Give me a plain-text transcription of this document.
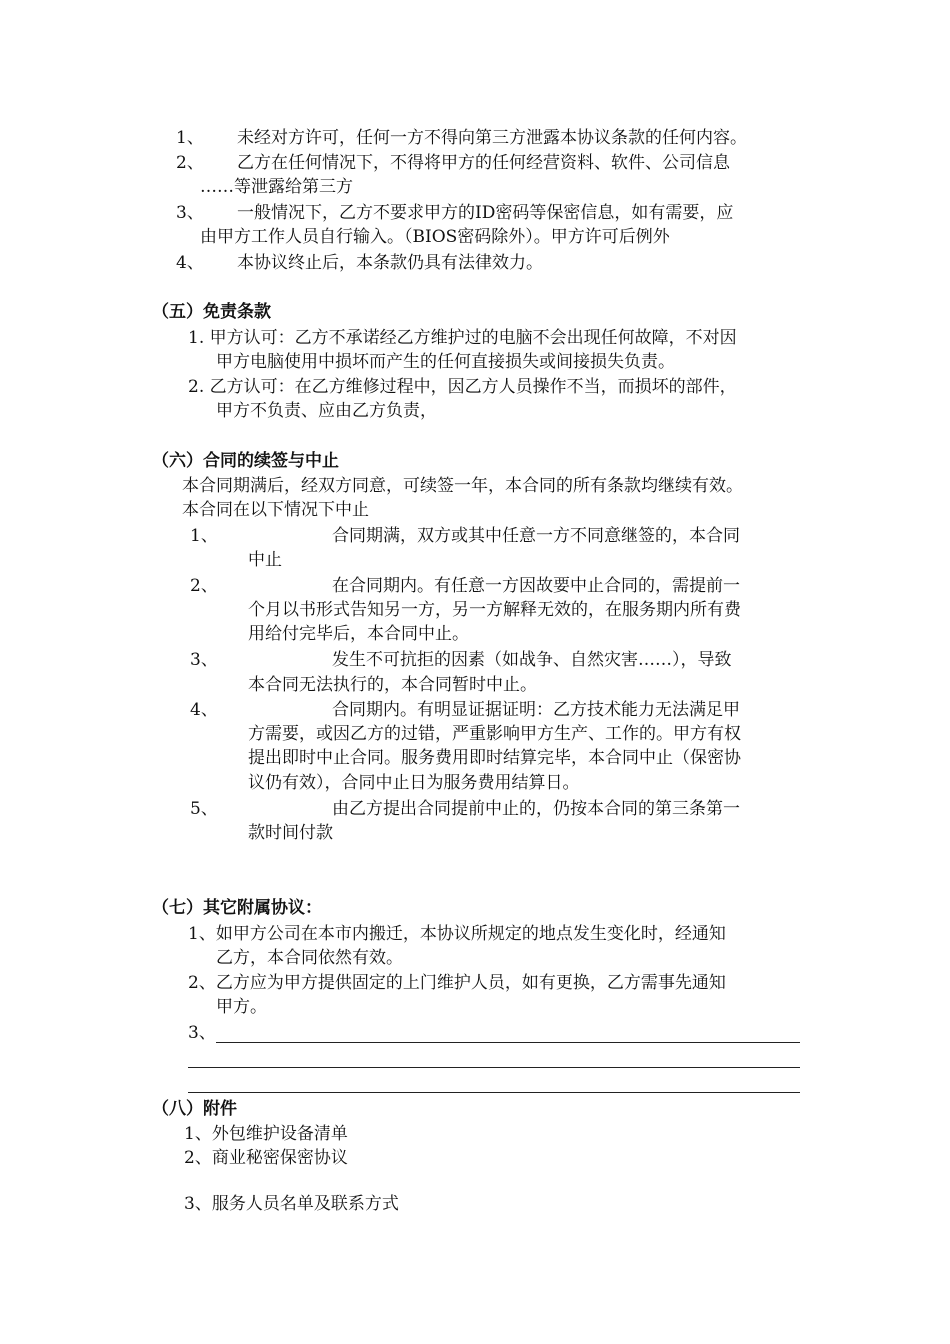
1、 未经对方许可，任何一方不得向第三方泄露本协议条款的任何内容。
2、 乙方在任何情况下，不得将甲方的任何经营资料、软件、公司信息
……等泄露给第三方
3、 一般情况下，乙方不要求甲方的ID密码等保密信息，如有需要，应
由甲方工作人员自行输入。（BIOS密码除外）。甲方许可后例外
4、 本协议终止后，本条款仍具有法律效力。
（五）免责条款
1. 甲方认可：乙方不承诺经乙方维护过的电脑不会出现任何故障，不对因
甲方电脑使用中损坏而产生的任何直接损失或间接损失负责。
2. 乙方认可：在乙方维修过程中，因乙方人员操作不当，而损坏的部件，
甲方不负责、应由乙方负责，
（六）合同的续签与中止
本合同期满后，经双方同意，可续签一年，本合同的所有条款均继续有效。
本合同在以下情况下中止
1、	合同期满，双方或其中任意一方不同意继签的，本合同
中止
2、	在合同期内。有任意一方因故要中止合同的，需提前一
个月以书形式告知另一方，另一方解释无效的，在服务期内所有费
用给付完毕后，本合同中止。
3、	发生不可抗拒的因素（如战争、自然灾害……），导致
本合同无法执行的，本合同暂时中止。
4、	合同期内。有明显证据证明：乙方技术能力无法满足甲
方需要，或因乙方的过错，严重影响甲方生产、工作的。甲方有权
提出即时中止合同。服务费用即时结算完毕，本合同中止（保密协
议仍有效），合同中止日为服务费用结算日。
5、	由乙方提出合同提前中止的，仍按本合同的第三条第一
款时间付款
（七）其它附属协议：
1、如甲方公司在本市内搬迁，本协议所规定的地点发生变化时，经通知
乙方，本合同依然有效。
2、乙方应为甲方提供固定的上门维护人员，如有更换，乙方需事先通知
甲方。
3、
（八）附件
1、外包维护设备清单
2、商业秘密保密协议
3、服务人员名单及联系方式
